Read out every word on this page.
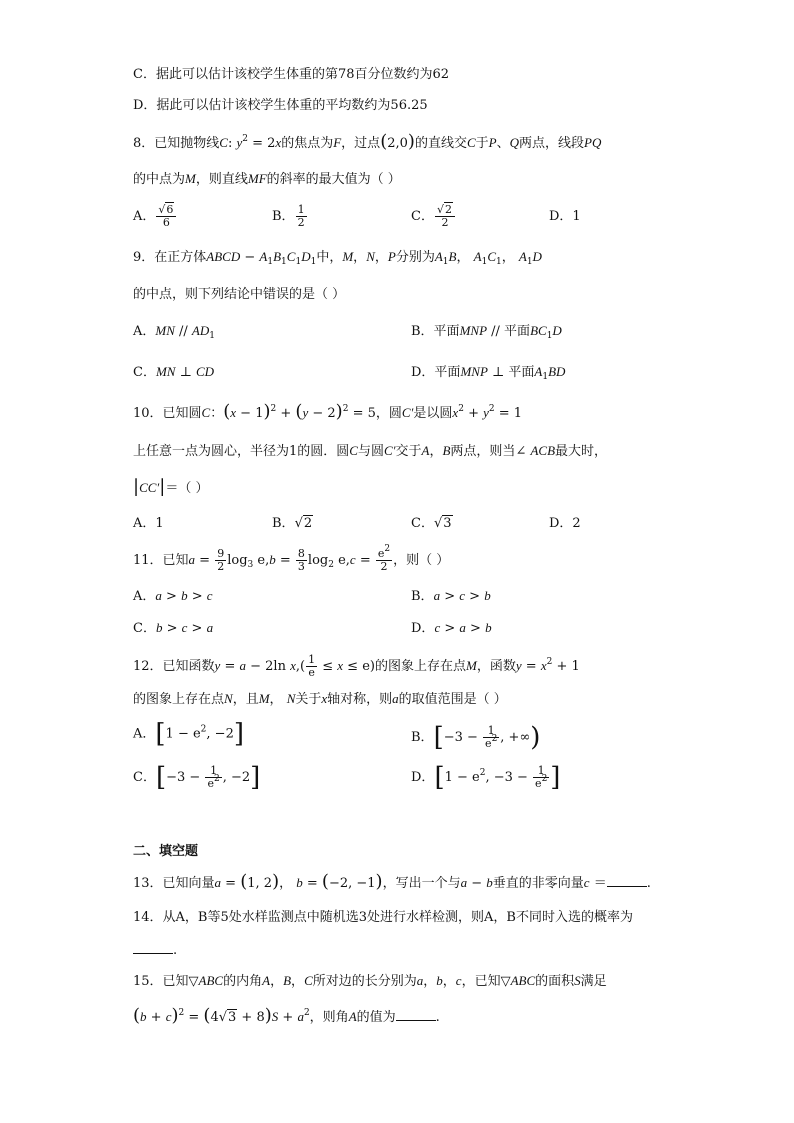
C．据此可以估计该校学生体重的第78百分位数约为62
D．据此可以估计该校学生体重的平均数约为56.25
8．已知抛物线C: $y^2 = 2x$的焦点为F，过点(2,0)的直线交C于P、Q两点，线段PQ
的中点为M，则直线MF的斜率的最大值为（ ）
A． $\frac{√6}{6}$	B． $\frac{1}{2}$	C． $\frac{√2}{2}$	D．1
9．在正方体ABCD − $A_1B_1C_1D_1$中，M，N，P分别为$A_1B$， $A_1C_1$， $A_1D$
的中点，则下列结论中错误的是（ ）
A．MN // $AD_1$	B．平面MNP // 平面$BC_1D$
C．MN ⊥ CD	D．平面MNP ⊥ 平面$A_1BD$
10．已知圆C：$(x - 1)^2 + (y - 2)^2 = 5$，圆C′是以圆$x^2 + y^2 = 1$
上任意一点为圆心，半径为1的圆．圆C与圆C′交于A，B两点，则当∠ ACB最大时，
|CC′|＝（ ）
A．1	B．√2	C．√3	D．2
11．已知$a = \frac{9}{2} \log_3 e,b = \frac{8}{3} \log_2 e,c = \frac{e^2}{2}$ ，则（ ）
A．a > b > c	B．a > c > b
C．b > c > a	D．c > a > b
12．已知函数y = a − 2ln $x,( \frac{1}{e} \le x \le e)$的图象上存在点M，函数$y = x^2 + 1$
的图象上存在点N，且M， N关于x轴对称，则a的取值范围是（ ）
A．[$1 - e^2$, −2]	B．[$-3 - \frac{1}{e^2}$ , +∞)
C．[$-3 - \frac{1}{e^2}$ , −2]	D．[$1 - e^2$, $-3 - \frac{1}{e^2}$ ]
二、填空题
13．已知向量a = (1, 2)， b = (−2, −1)，写出一个与a − b垂直的非零向量c ＝	.
14．从A，B等5处水样监测点中随机选3处进行水样检测，则A，B不同时入选的概率为
.
15．已知▽ABC的内角A，B，C所对边的长分别为a，b，c，已知▽ABC的面积S满足
$(b + c)^2 = (4√3 + 8)S + a^2$，则角A的值为	.
